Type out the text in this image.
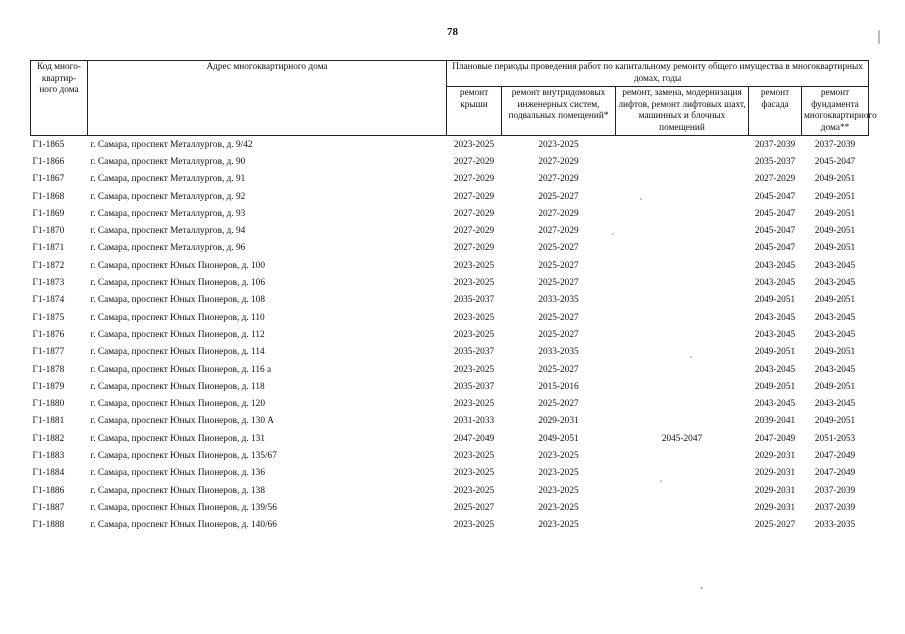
78
Код много-квартир-ного дома	Адрес многоквартирного дома	Плановые периоды проведения работ по капитальному ремонту общего имущества в многоквартирных домах, годы				
		ремонт крыши	ремонт внутридомовых инженерных систем, подвальных помещений*	ремонт, замена, модернизация лифтов, ремонт лифтовых шахт, машинных и блочных помещений	ремонт фасада	ремонт фундамента многоквартирного дома**
Г1-1865	г. Самара, проспект Металлургов, д. 9/42	2023-2025	2023-2025		2037-2039	2037-2039
Г1-1866	г. Самара, проспект Металлургов, д. 90	2027-2029	2027-2029		2035-2037	2045-2047
Г1-1867	г. Самара, проспект Металлургов, д. 91	2027-2029	2027-2029		2027-2029	2049-2051
Г1-1868	г. Самара, проспект Металлургов, д. 92	2027-2029	2025-2027		2045-2047	2049-2051
Г1-1869	г. Самара, проспект Металлургов, д. 93	2027-2029	2027-2029		2045-2047	2049-2051
Г1-1870	г. Самара, проспект Металлургов, д. 94	2027-2029	2027-2029		2045-2047	2049-2051
Г1-1871	г. Самара, проспект Металлургов, д. 96	2027-2029	2025-2027		2045-2047	2049-2051
Г1-1872	г. Самара, проспект Юных Пионеров, д. 100	2023-2025	2025-2027		2043-2045	2043-2045
Г1-1873	г. Самара, проспект Юных Пионеров, д. 106	2023-2025	2025-2027		2043-2045	2043-2045
Г1-1874	г. Самара, проспект Юных Пионеров, д. 108	2035-2037	2033-2035		2049-2051	2049-2051
Г1-1875	г. Самара, проспект Юных Пионеров, д. 110	2023-2025	2025-2027		2043-2045	2043-2045
Г1-1876	г. Самара, проспект Юных Пионеров, д. 112	2023-2025	2025-2027		2043-2045	2043-2045
Г1-1877	г. Самара, проспект Юных Пионеров, д. 114	2035-2037	2033-2035		2049-2051	2049-2051
Г1-1878	г. Самара, проспект Юных Пионеров, д. 116 а	2023-2025	2025-2027		2043-2045	2043-2045
Г1-1879	г. Самара, проспект Юных Пионеров, д. 118	2035-2037	2015-2016		2049-2051	2049-2051
Г1-1880	г. Самара, проспект Юных Пионеров, д. 120	2023-2025	2025-2027		2043-2045	2043-2045
Г1-1881	г. Самара, проспект Юных Пионеров, д. 130 А	2031-2033	2029-2031		2039-2041	2049-2051
Г1-1882	г. Самара, проспект Юных Пионеров, д. 131	2047-2049	2049-2051	2045-2047	2047-2049	2051-2053
Г1-1883	г. Самара, проспект Юных Пионеров, д. 135/67	2023-2025	2023-2025		2029-2031	2047-2049
Г1-1884	г. Самара, проспект Юных Пионеров, д. 136	2023-2025	2023-2025		2029-2031	2047-2049
Г1-1886	г. Самара, проспект Юных Пионеров, д. 138	2023-2025	2023-2025		2029-2031	2037-2039
Г1-1887	г. Самара, проспект Юных Пионеров, д. 139/56	2025-2027	2023-2025		2029-2031	2037-2039
Г1-1888	г. Самара, проспект Юных Пионеров, д. 140/66	2023-2025	2023-2025		2025-2027	2033-2035
